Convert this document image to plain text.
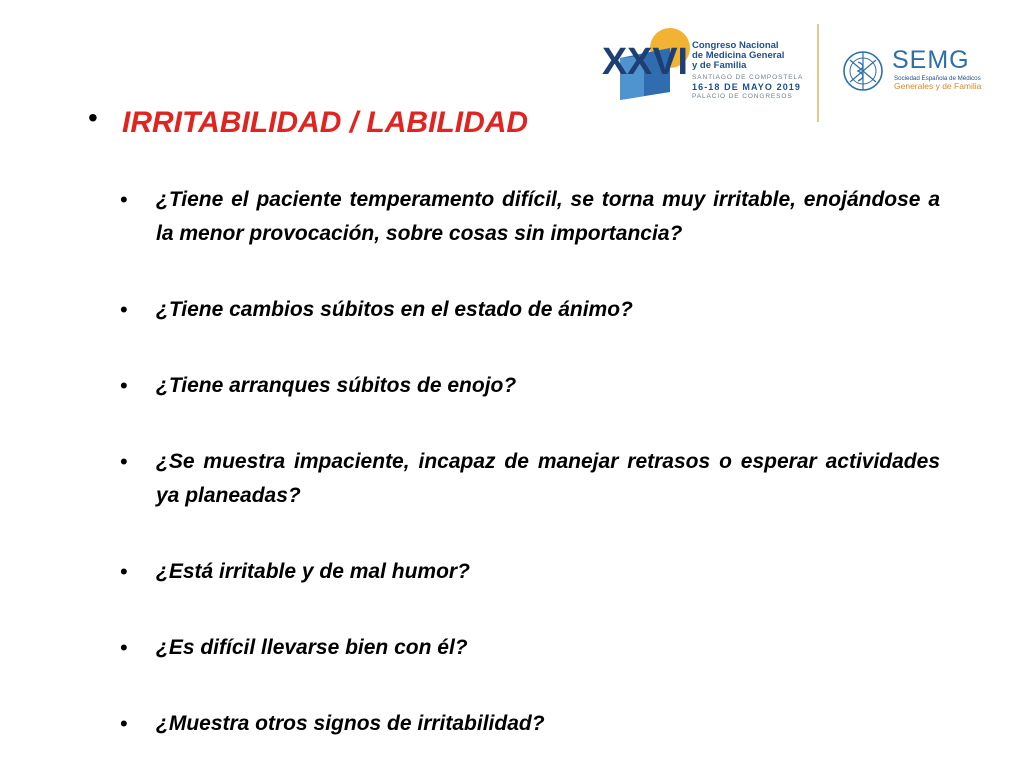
XXVI Congreso Nacional
de Medicina General
y de Familia
SANTIAGO DE COMPOSTELA
16-18 DE MAYO 2019
PALACIO DE CONGRESOS
SEMG
Sociedad Española de Médicos
Generales y de Familia
• IRRITABILIDAD / LABILIDAD
• ¿Tiene el paciente temperamento difícil, se torna muy irritable, enojándose a la menor provocación, sobre cosas sin importancia?
• ¿Tiene cambios súbitos en el estado de ánimo?
• ¿Tiene arranques súbitos de enojo?
• ¿Se muestra impaciente, incapaz de manejar retrasos o esperar actividades ya planeadas?
• ¿Está irritable y de mal humor?
• ¿Es difícil llevarse bien con él?
• ¿Muestra otros signos de irritabilidad?
